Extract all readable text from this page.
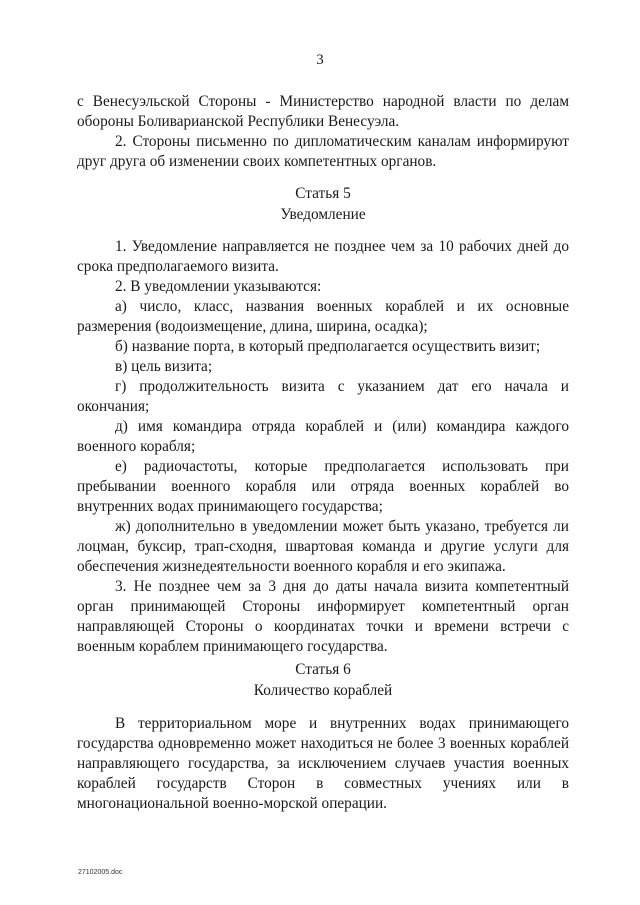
3

с Венесуэльской Стороны - Министерство народной власти по делам обороны Боливарианской Республики Венесуэла.

2. Стороны письменно по дипломатическим каналам информируют друг друга об изменении своих компетентных органов.

Статья 5
Уведомление

1. Уведомление направляется не позднее чем за 10 рабочих дней до срока предполагаемого визита.

2. В уведомлении указываются:

а) число, класс, названия военных кораблей и их основные размерения (водоизмещение, длина, ширина, осадка);

б) название порта, в который предполагается осуществить визит;

в) цель визита;

г) продолжительность визита с указанием дат его начала и окончания;

д) имя командира отряда кораблей и (или) командира каждого военного корабля;

е) радиочастоты, которые предполагается использовать при пребывании военного корабля или отряда военных кораблей во внутренних водах принимающего государства;

ж) дополнительно в уведомлении может быть указано, требуется ли лоцман, буксир, трап-сходня, швартовая команда и другие услуги для обеспечения жизнедеятельности военного корабля и его экипажа.

3. Не позднее чем за 3 дня до даты начала визита компетентный орган принимающей Стороны информирует компетентный орган направляющей Стороны о координатах точки и времени встречи с военным кораблем принимающего государства.

Статья 6
Количество кораблей

В территориальном море и внутренних водах принимающего государства одновременно может находиться не более 3 военных кораблей направляющего государства, за исключением случаев участия военных кораблей государств Сторон в совместных учениях или в многонациональной военно-морской операции.

27102005.doc
